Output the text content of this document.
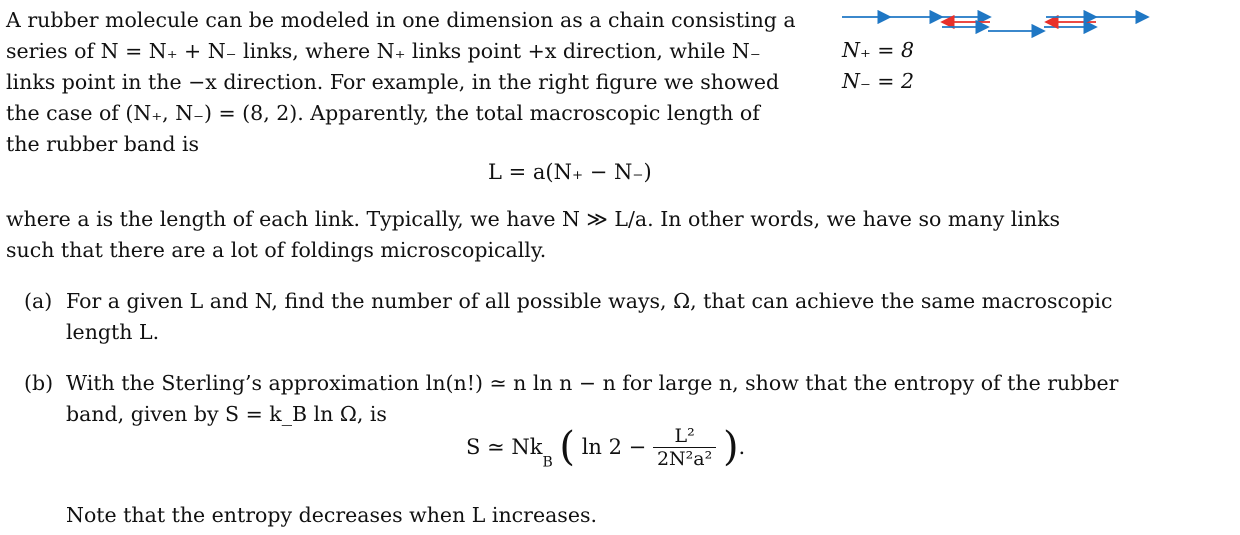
A rubber molecule can be modeled in one dimension as a chain consisting a
series of N = N₊ + N₋ links, where N₊ links point +x direction, while N₋
links point in the −x direction. For example, in the right figure we showed
the case of (N₊, N₋) = (8, 2). Apparently, the total macroscopic length of
the rubber band is
N₊ = 8
N₋ = 2
L = a(N₊ − N₋)
where a is the length of each link. Typically, we have N ≫ L/a. In other words, we have so many links
such that there are a lot of foldings microscopically.
(a) For a given L and N, find the number of all possible ways, Ω, that can achieve the same macroscopic
length L.
(b) With the Sterling’s approximation ln(n!) ≃ n ln n − n for large n, show that the entropy of the rubber
band, given by S = k_B ln Ω, is
S ≃ $Nk_B$ ( $\ln 2 - \frac{\text{L²}}{\text{2N²a²}}$ ).
Note that the entropy decreases when L increases.
